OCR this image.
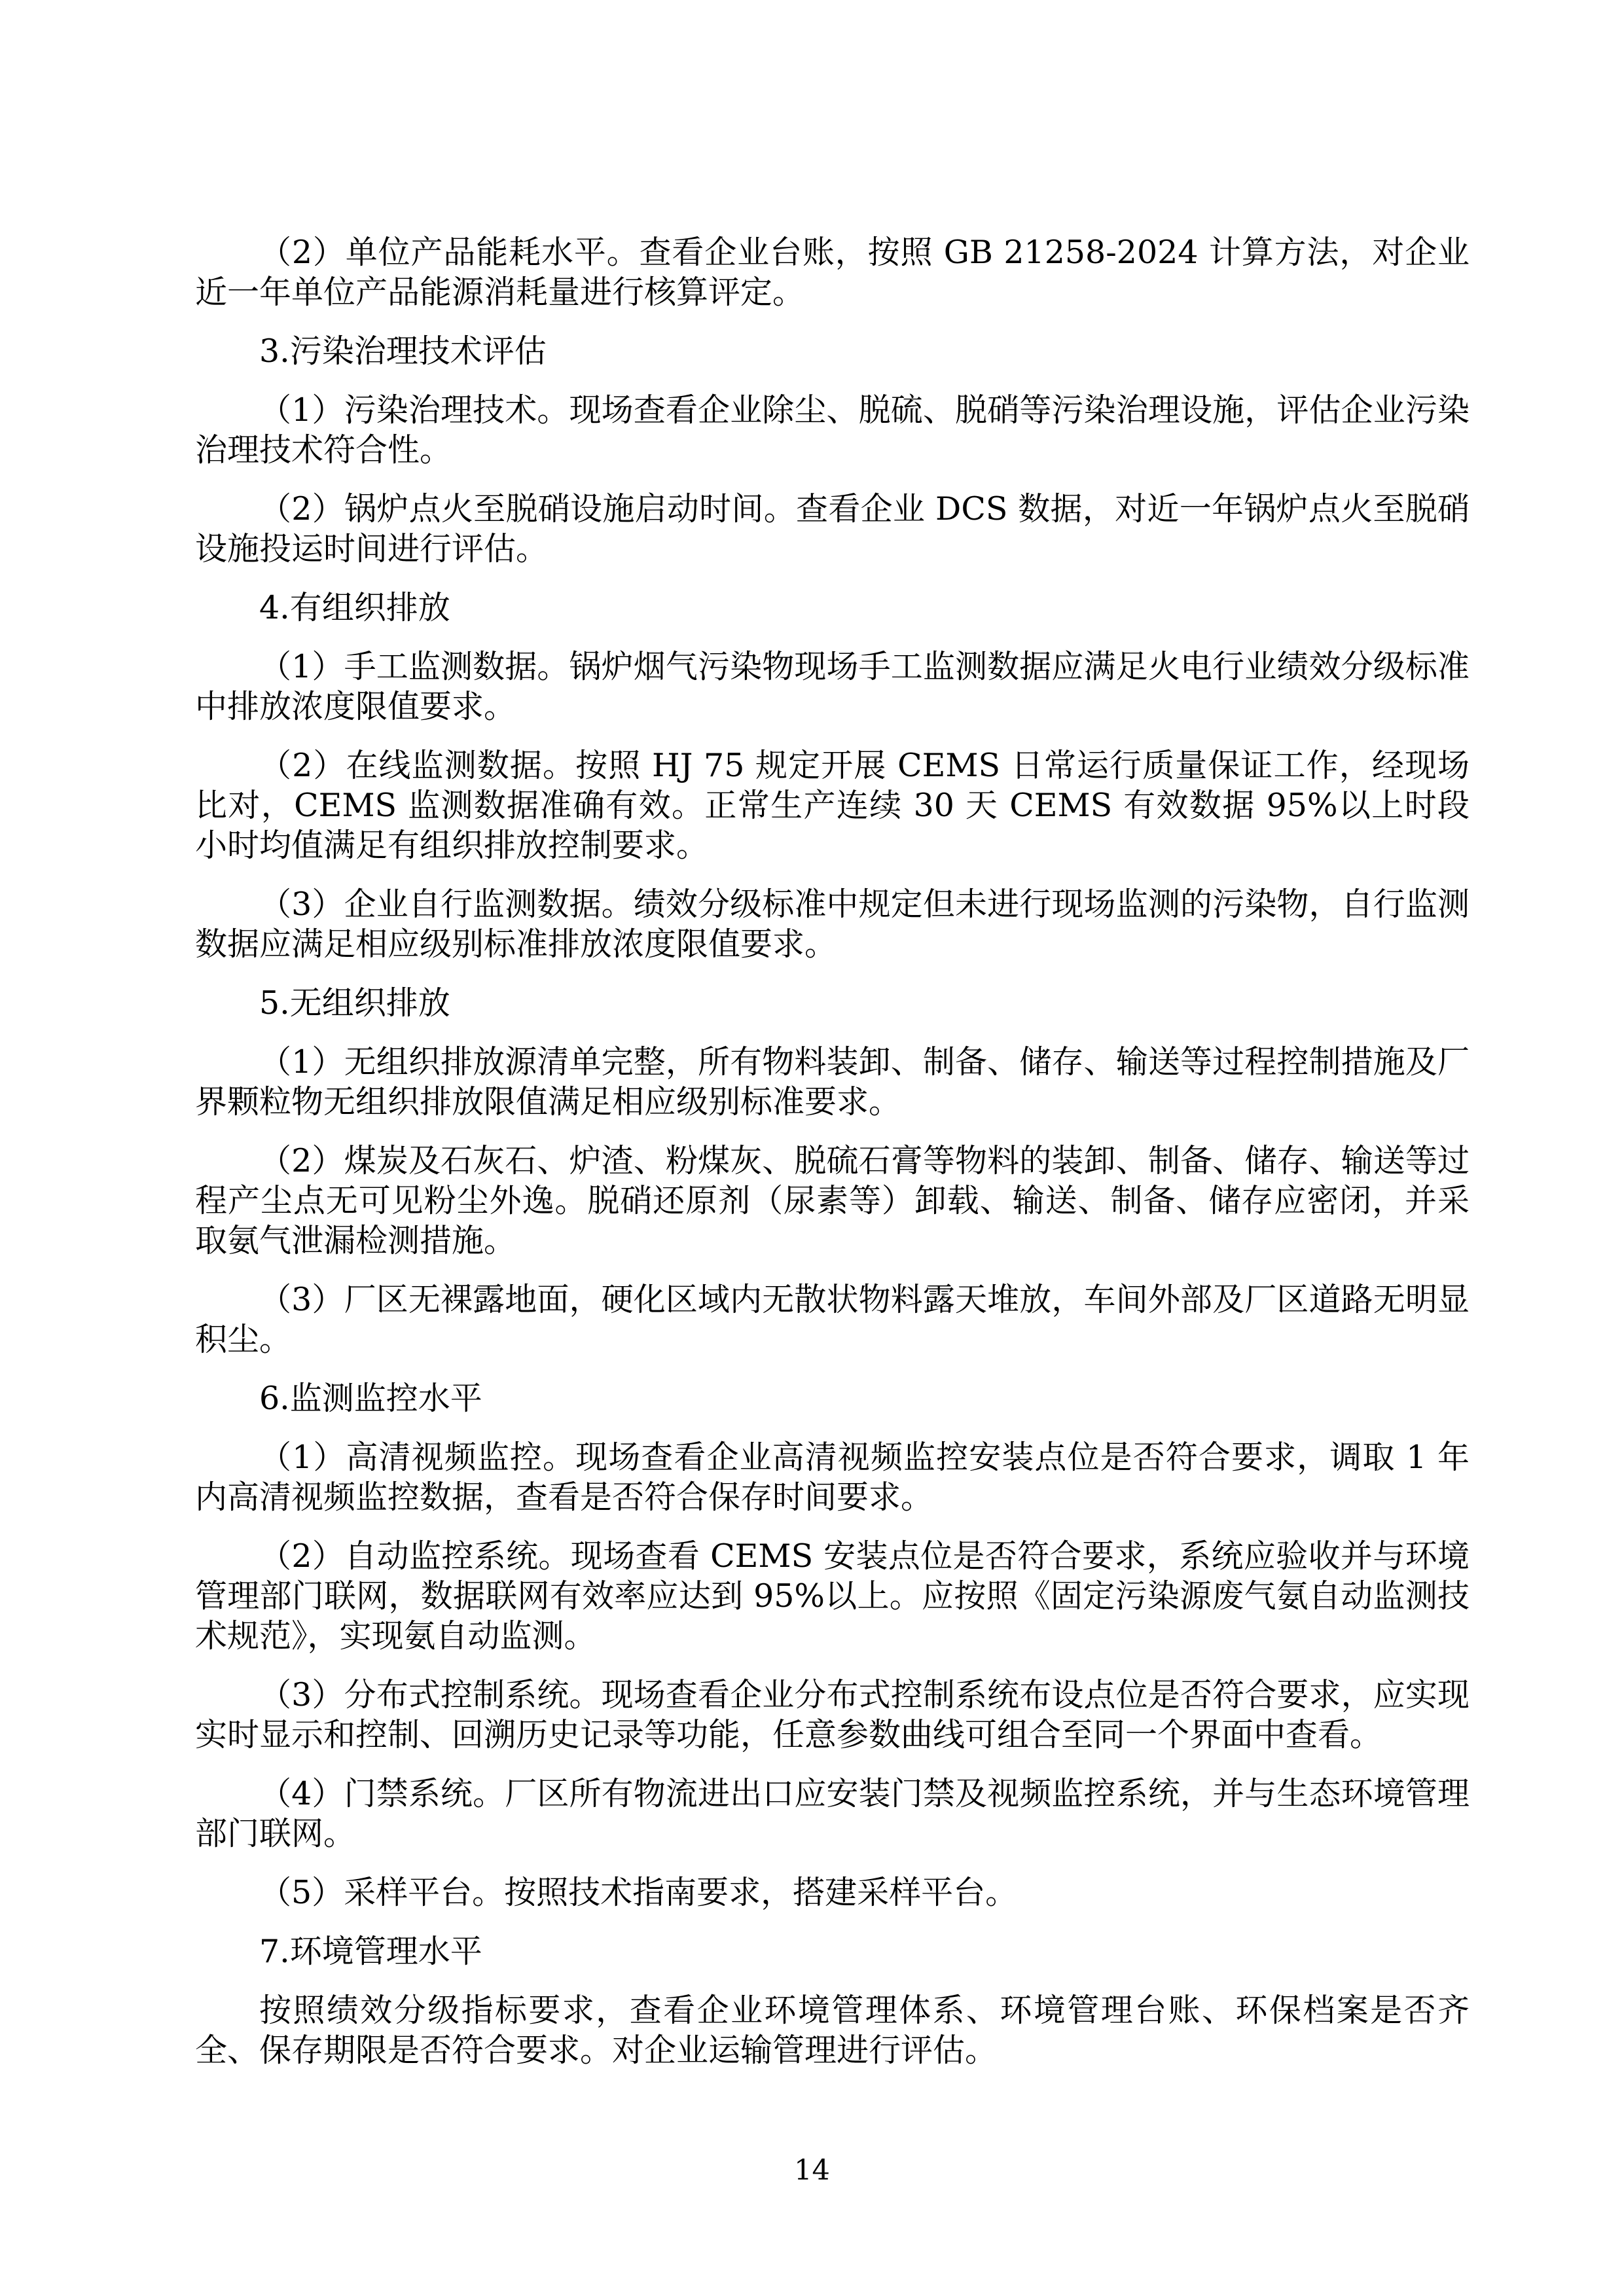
（2）单位产品能耗水平。查看企业台账，按照 GB 21258-2024 计算方法，对企业近一年单位产品能源消耗量进行核算评定。

3.污染治理技术评估

（1）污染治理技术。现场查看企业除尘、脱硫、脱硝等污染治理设施，评估企业污染治理技术符合性。

（2）锅炉点火至脱硝设施启动时间。查看企业 DCS 数据，对近一年锅炉点火至脱硝设施投运时间进行评估。

4.有组织排放

（1）手工监测数据。锅炉烟气污染物现场手工监测数据应满足火电行业绩效分级标准中排放浓度限值要求。

（2）在线监测数据。按照 HJ 75 规定开展 CEMS 日常运行质量保证工作，经现场比对，CEMS 监测数据准确有效。正常生产连续 30 天 CEMS 有效数据 95%以上时段小时均值满足有组织排放控制要求。

（3）企业自行监测数据。绩效分级标准中规定但未进行现场监测的污染物，自行监测数据应满足相应级别标准排放浓度限值要求。

5.无组织排放

（1）无组织排放源清单完整，所有物料装卸、制备、储存、输送等过程控制措施及厂界颗粒物无组织排放限值满足相应级别标准要求。

（2）煤炭及石灰石、炉渣、粉煤灰、脱硫石膏等物料的装卸、制备、储存、输送等过程产尘点无可见粉尘外逸。脱硝还原剂（尿素等）卸载、输送、制备、储存应密闭，并采取氨气泄漏检测措施。

（3）厂区无裸露地面，硬化区域内无散状物料露天堆放，车间外部及厂区道路无明显积尘。

6.监测监控水平

（1）高清视频监控。现场查看企业高清视频监控安装点位是否符合要求，调取 1 年内高清视频监控数据，查看是否符合保存时间要求。

（2）自动监控系统。现场查看 CEMS 安装点位是否符合要求，系统应验收并与环境管理部门联网，数据联网有效率应达到 95%以上。应按照《固定污染源废气氨自动监测技术规范》，实现氨自动监测。

（3）分布式控制系统。现场查看企业分布式控制系统布设点位是否符合要求，应实现实时显示和控制、回溯历史记录等功能，任意参数曲线可组合至同一个界面中查看。

（4）门禁系统。厂区所有物流进出口应安装门禁及视频监控系统，并与生态环境管理部门联网。

（5）采样平台。按照技术指南要求，搭建采样平台。

7.环境管理水平

按照绩效分级指标要求，查看企业环境管理体系、环境管理台账、环保档案是否齐全、保存期限是否符合要求。对企业运输管理进行评估。

14
